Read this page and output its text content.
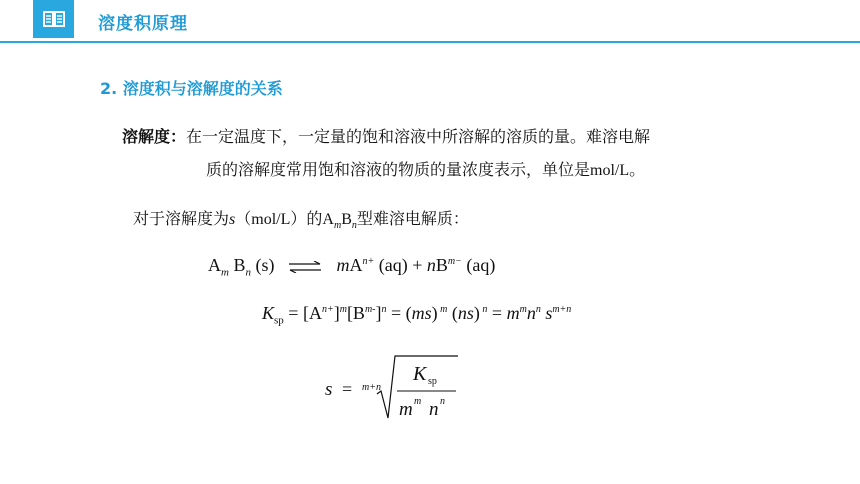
溶度积原理
2. 溶度积与溶解度的关系
溶解度：在一定温度下，一定量的饱和溶液中所溶解的溶质的量。难溶电解
质的溶解度常用饱和溶液的物质的量浓度表示，单位是mol/L。
对于溶解度为s（mol/L）的$A_mB_n$型难溶电解质：
$A_m$ $B_n$ (s) ⇌ $mA^{n+}$ $(aq) + nB^{m-}$ (aq)
$K_{sp} = [A^{n+}]^m[B^{m-}]^n = (ms)$ $^m$ (ns) $^n = m^mn^n$ $s^{m+n}$
s = m+n
K sp
m m n n
